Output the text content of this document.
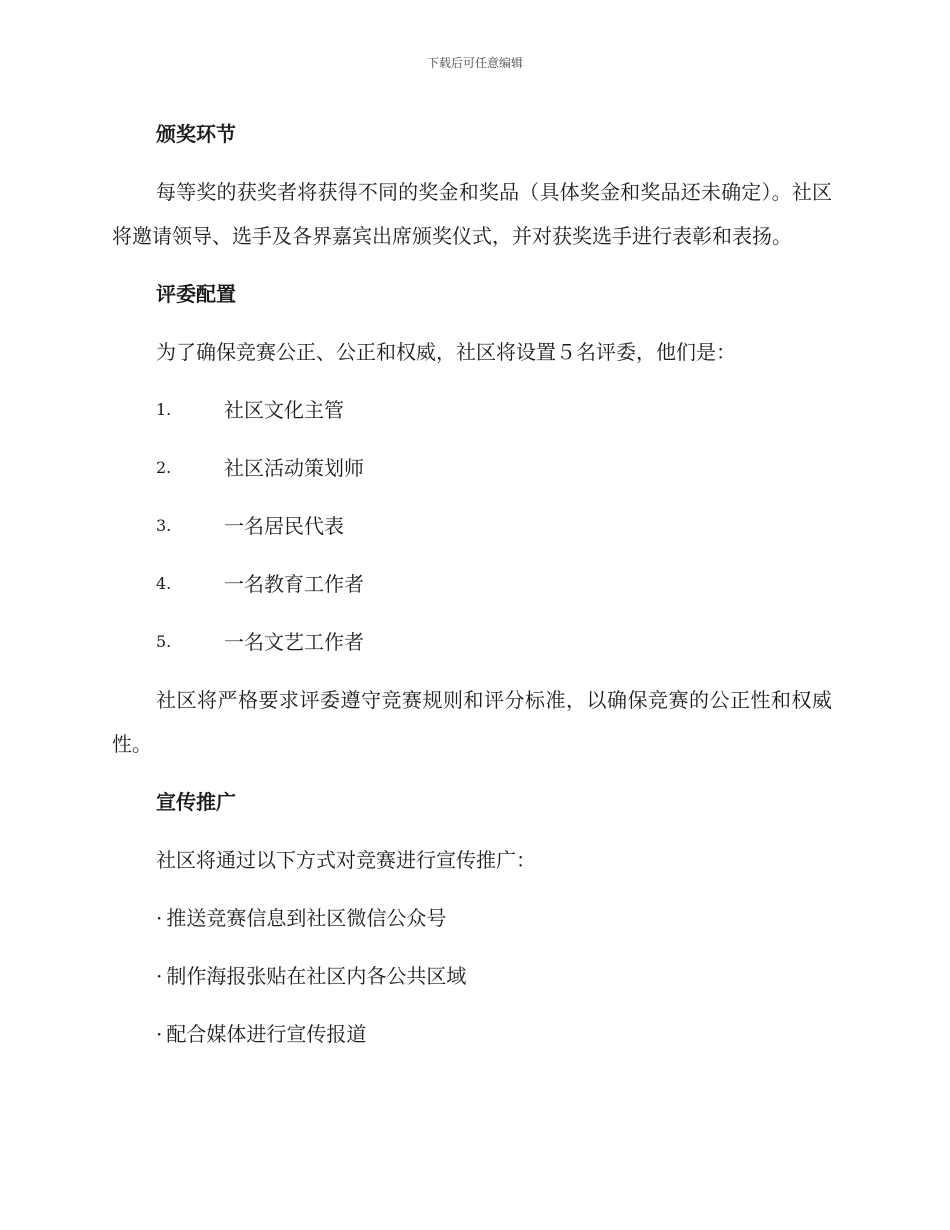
下载后可任意编辑
颁奖环节

每等奖的获奖者将获得不同的奖金和奖品（具体奖金和奖品还未确定）。社区将邀请领导、选手及各界嘉宾出席颁奖仪式，并对获奖选手进行表彰和表扬。

评委配置

为了确保竞赛公正、公正和权威，社区将设置５名评委，他们是：

1.	社区文化主管
2.	社区活动策划师
3.	一名居民代表
4.	一名教育工作者
5.	一名文艺工作者

社区将严格要求评委遵守竞赛规则和评分标准，以确保竞赛的公正性和权威性。

宣传推广

社区将通过以下方式对竞赛进行宣传推广：

· 推送竞赛信息到社区微信公众号
· 制作海报张贴在社区内各公共区域
· 配合媒体进行宣传报道
